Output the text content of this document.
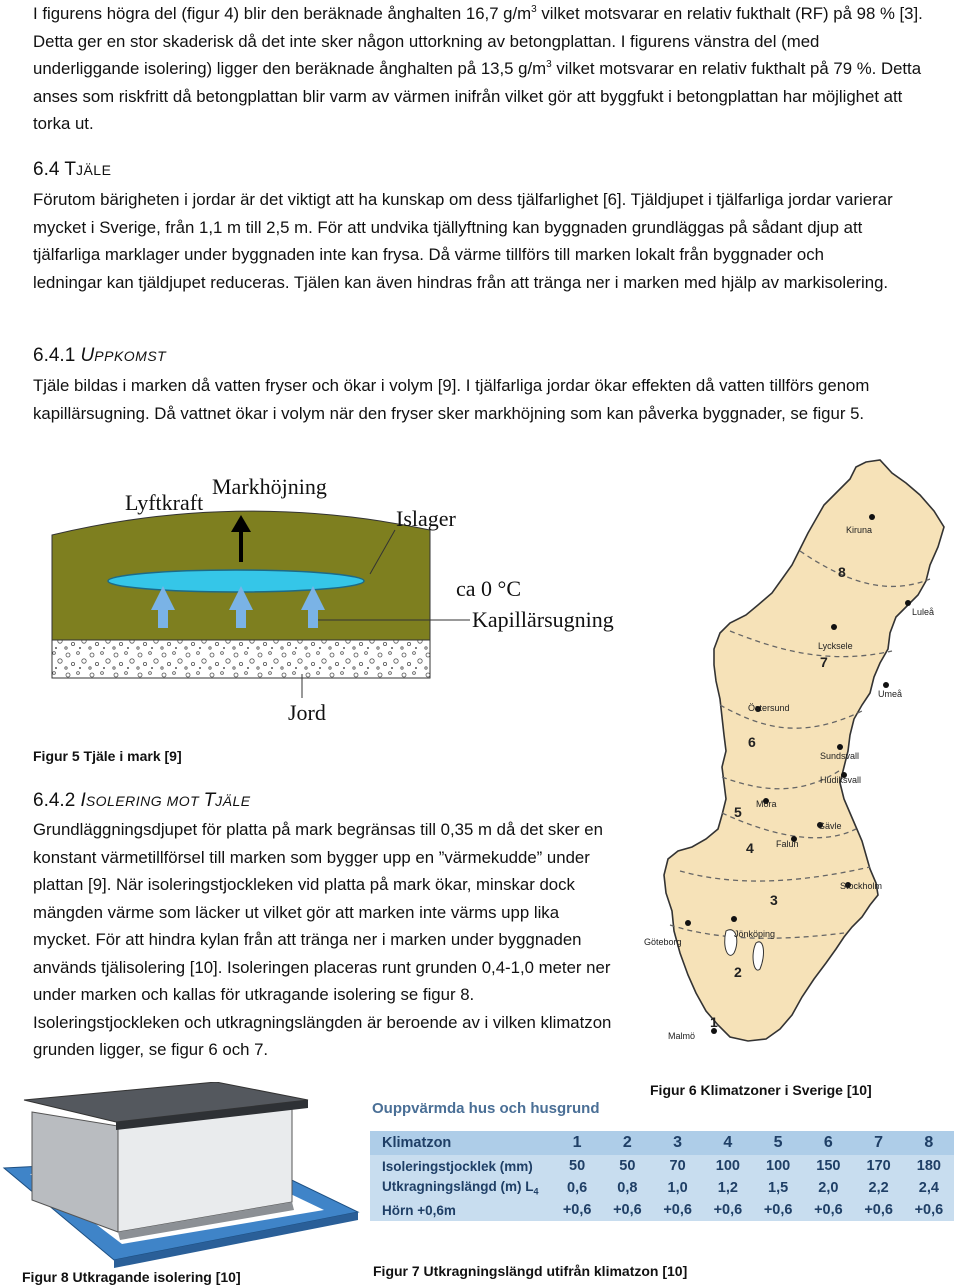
I figurens högra del (figur 4) blir den beräknade ånghalten 16,7 $g/m^3$ vilket motsvarar en relativ fukthalt (RF) på 98 % [3]. Detta ger en stor skaderisk då det inte sker någon uttorkning av betongplattan. I figurens vänstra del (med underliggande isolering) ligger den beräknade ånghalten på 13,5 $g/m^3$ vilket motsvarar en relativ fukthalt på 79 %. Detta anses som riskfritt då betongplattan blir varm av värmen inifrån vilket gör att byggfukt i betongplattan har möjlighet att torka ut.

6.4 TJÄLE

Förutom bärigheten i jordar är det viktigt att ha kunskap om dess tjälfarlighet [6]. Tjäldjupet i tjälfarliga jordar varierar mycket i Sverige, från 1,1 m till 2,5 m. För att undvika tjällyftning kan byggnaden grundläggas på sådant djup att tjälfarliga marklager under byggnaden inte kan frysa. Då värme tillförs till marken lokalt från byggnader och ledningar kan tjäldjupet reduceras. Tjälen kan även hindras från att tränga ner i marken med hjälp av markisolering.

6.4.1 UPPKOMST

Tjäle bildas i marken då vatten fryser och ökar i volym [9]. I tjälfarliga jordar ökar effekten då vatten tillförs genom kapillärsugning. Då vattnet ökar i volym när den fryser sker markhöjning som kan påverka byggnader, se figur 5.

Lyftkraft
Markhöjning
Islager
ca 0 °C
Kapillärsugning
Jord
Figur 5 Tjäle i mark [9]
6.4.2 ISOLERING MOT TJÄLE

Grundläggningsdjupet för platta på mark begränsas till 0,35 m då det sker en konstant värmetillförsel till marken som bygger upp en ”värmekudde” under plattan [9]. När isoleringstjockleken vid platta på mark ökar, minskar dock mängden värme som läcker ut vilket gör att marken inte värms upp lika mycket. För att hindra kylan från att tränga ner i marken under byggnaden används tjälisolering [10]. Isoleringen placeras runt grunden 0,4-1,0 meter ner under marken och kallas för utkragande isolering se figur 8. Isoleringstjockleken och utkragningslängden är beroende av i vilken klimatzon grunden ligger, se figur 6 och 7.

Kiruna
Luleå
Lycksele
Umeå
Östersund
Sundsvall
Hudiksvall
Mora
Gävle
Falun
Stockholm
Göteborg
Jönköping
Malmö
8
7
6
5
4
3
2
1
Figur 6 Klimatzoner i Sverige [10]
Figur 8 Utkragande isolering [10]
Ouppvärmda hus och husgrund
Klimatzon	1	2	3	4	5	6	7	8
Isoleringstjocklek (mm)	50	50	70	100	100	150	170	180
Utkragningslängd (m) $L_4$	0,6	0,8	1,0	1,2	1,5	2,0	2,2	2,4
Hörn +0,6m	+0,6	+0,6	+0,6	+0,6	+0,6	+0,6	+0,6	+0,6
Figur 7 Utkragningslängd utifrån klimatzon [10]
